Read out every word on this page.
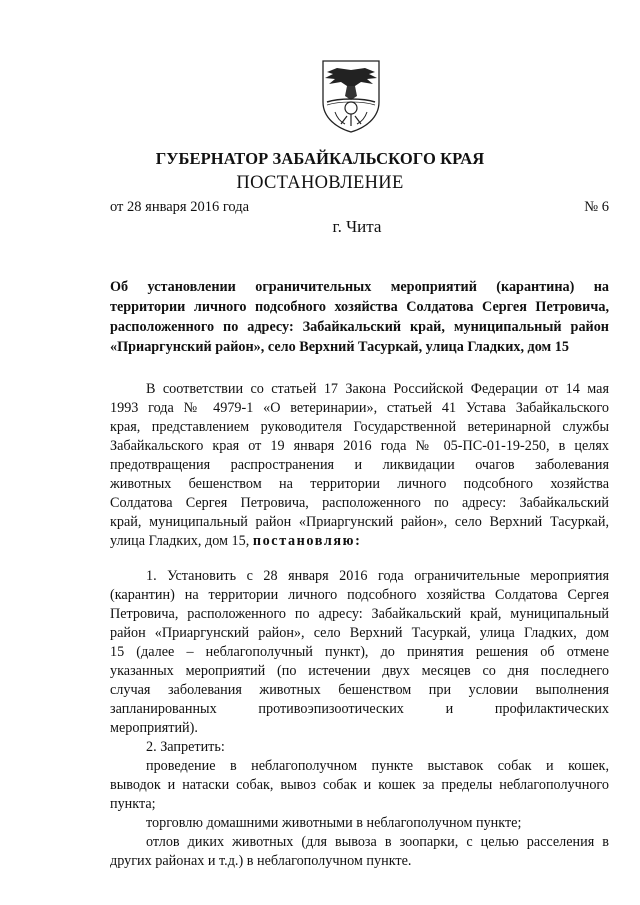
ГУБЕРНАТОР ЗАБАЙКАЛЬСКОГО КРАЯ
ПОСТАНОВЛЕНИЕ
от 28 января 2016 года	№ 6
г. Чита
Об установлении ограничительных мероприятий (карантина) на
территории личного подсобного хозяйства Солдатова Сергея Петровича,
расположенного по адресу: Забайкальский край, муниципальный район
«Приаргунский район», село Верхний Тасуркай, улица Гладких, дом 15
В соответствии со статьей 17 Закона Российской Федерации от 14 мая
1993 года № 4979-1 «О ветеринарии», статьей 41 Устава Забайкальского
края, представлением руководителя Государственной ветеринарной службы
Забайкальского края от 19 января 2016 года № 05-ПС-01-19-250, в целях
предотвращения распространения и ликвидации очагов заболевания
животных бешенством на территории личного подсобного хозяйства
Солдатова Сергея Петровича, расположенного по адресу: Забайкальский
край, муниципальный район «Приаргунский район», село Верхний Тасуркай,
улица Гладких, дом 15, постановляю:
1. Установить с 28 января 2016 года ограничительные мероприятия
(карантин) на территории личного подсобного хозяйства Солдатова Сергея
Петровича, расположенного по адресу: Забайкальский край, муниципальный
район «Приаргунский район», село Верхний Тасуркай, улица Гладких, дом
15 (далее – неблагополучный пункт), до принятия решения об отмене
указанных мероприятий (по истечении двух месяцев со дня последнего
случая заболевания животных бешенством при условии выполнения
запланированных противоэпизоотических и профилактических
мероприятий).
2. Запретить:
проведение в неблагополучном пункте выставок собак и кошек,
выводок и натаски собак, вывоз собак и кошек за пределы неблагополучного
пункта;
торговлю домашними животными в неблагополучном пункте;
отлов диких животных (для вывоза в зоопарки, с целью расселения в
других районах и т.д.) в неблагополучном пункте.
